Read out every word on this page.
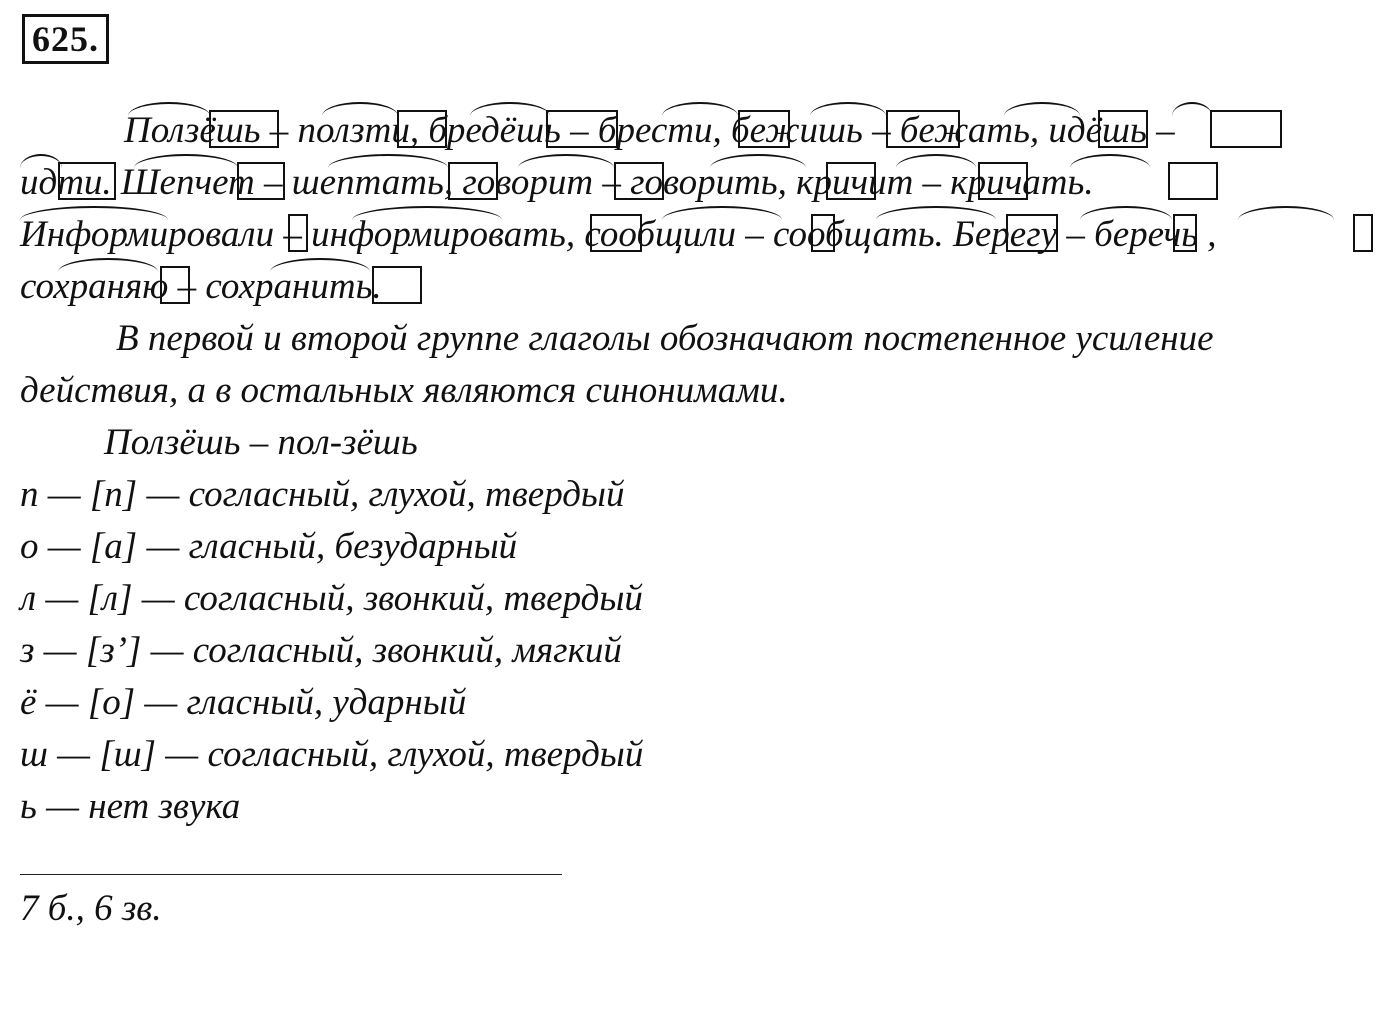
625.
Ползёшь – ползти, бредёшь – брести, бежишь – бежать, идёшь –
идти. Шепчет – шептать, говорит – говорить, кричит – кричать.
Информировали – информировать, сообщили – сообщать. Берегу – беречь ,
сохраняю – сохранить.
В первой и второй группе глаголы обозначают постепенное усиление
действия, а в остальных являются синонимами.
Ползёшь – пол-зёшь
п — [п] — согласный, глухой, твердый
о — [а] — гласный, безударный
л — [л] — согласный, звонкий, твердый
з — [з’] — согласный, звонкий, мягкий
ё — [о] — гласный, ударный
ш — [ш] — согласный, глухой, твердый
ь — нет звука
7 б., 6 зв.
